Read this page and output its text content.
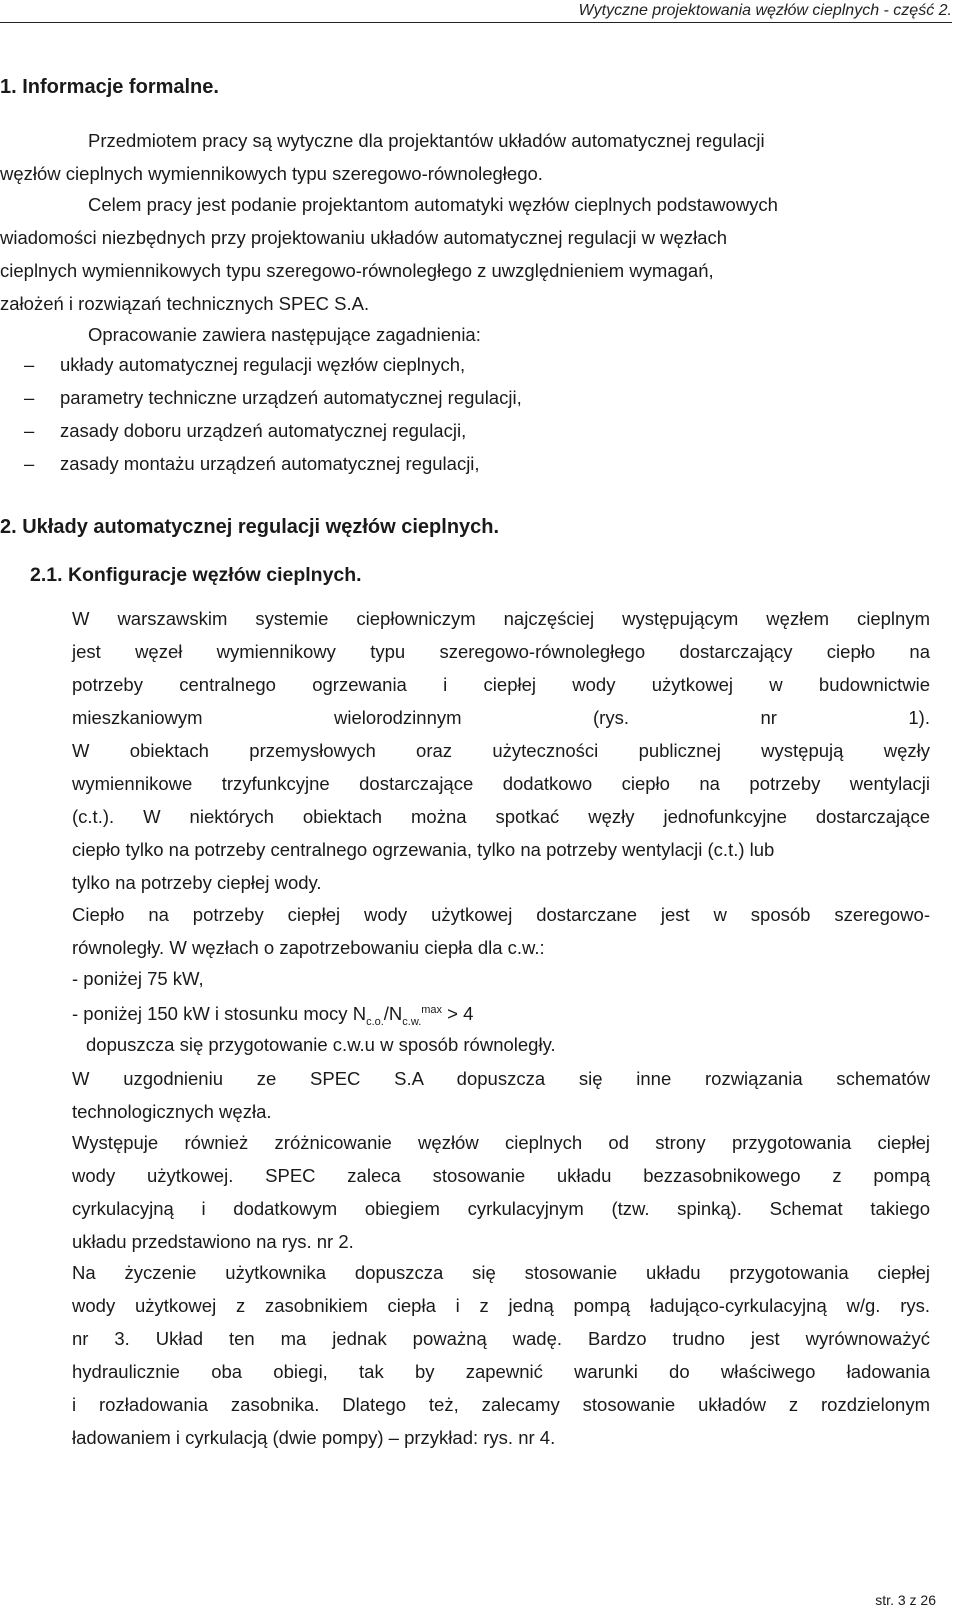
Wytyczne projektowania węzłów cieplnych - część 2.
1. Informacje formalne.
Przedmiotem pracy są wytyczne dla projektantów układów automatycznej regulacji
węzłów cieplnych wymiennikowych typu szeregowo-równoległego.
Celem pracy jest podanie projektantom automatyki węzłów cieplnych podstawowych
wiadomości niezbędnych przy projektowaniu układów automatycznej regulacji w węzłach
cieplnych wymiennikowych typu szeregowo-równoległego z uwzględnieniem wymagań,
założeń i rozwiązań technicznych SPEC S.A.
Opracowanie zawiera następujące zagadnienia:
– układy automatycznej regulacji węzłów cieplnych,
– parametry techniczne urządzeń automatycznej regulacji,
– zasady doboru urządzeń automatycznej regulacji,
– zasady montażu urządzeń automatycznej regulacji,
2. Układy automatycznej regulacji węzłów cieplnych.
2.1. Konfiguracje węzłów cieplnych.
W warszawskim systemie ciepłowniczym najczęściej występującym węzłem cieplnym
jest węzeł wymiennikowy typu szeregowo-równoległego dostarczający ciepło na
potrzeby centralnego ogrzewania i ciepłej wody użytkowej w budownictwie
mieszkaniowym wielorodzinnym (rys. nr 1).
W obiektach przemysłowych oraz użyteczności publicznej występują węzły
wymiennikowe trzyfunkcyjne dostarczające dodatkowo ciepło na potrzeby wentylacji
(c.t.). W niektórych obiektach można spotkać węzły jednofunkcyjne dostarczające
ciepło tylko na potrzeby centralnego ogrzewania, tylko na potrzeby wentylacji (c.t.) lub
tylko na potrzeby ciepłej wody.
Ciepło na potrzeby ciepłej wody użytkowej dostarczane jest w sposób szeregowo-
równoległy. W węzłach o zapotrzebowaniu ciepła dla c.w.:
- poniżej 75 kW,
- poniżej 150 kW i stosunku mocy $N_{c.o.}/N_{c.w.}^{max} > 4$
dopuszcza się przygotowanie c.w.u w sposób równoległy.
W uzgodnieniu ze SPEC S.A dopuszcza się inne rozwiązania schematów
technologicznych węzła.
Występuje również zróżnicowanie węzłów cieplnych od strony przygotowania ciepłej
wody użytkowej. SPEC zaleca stosowanie układu bezzasobnikowego z pompą
cyrkulacyjną i dodatkowym obiegiem cyrkulacyjnym (tzw. spinką). Schemat takiego
układu przedstawiono na rys. nr 2.
Na życzenie użytkownika dopuszcza się stosowanie układu przygotowania ciepłej
wody użytkowej z zasobnikiem ciepła i z jedną pompą ładująco-cyrkulacyjną w/g. rys.
nr 3. Układ ten ma jednak poważną wadę. Bardzo trudno jest wyrównoważyć
hydraulicznie oba obiegi, tak by zapewnić warunki do właściwego ładowania
i rozładowania zasobnika. Dlatego też, zalecamy stosowanie układów z rozdzielonym
ładowaniem i cyrkulacją (dwie pompy) – przykład: rys. nr 4.
str. 3 z 26
